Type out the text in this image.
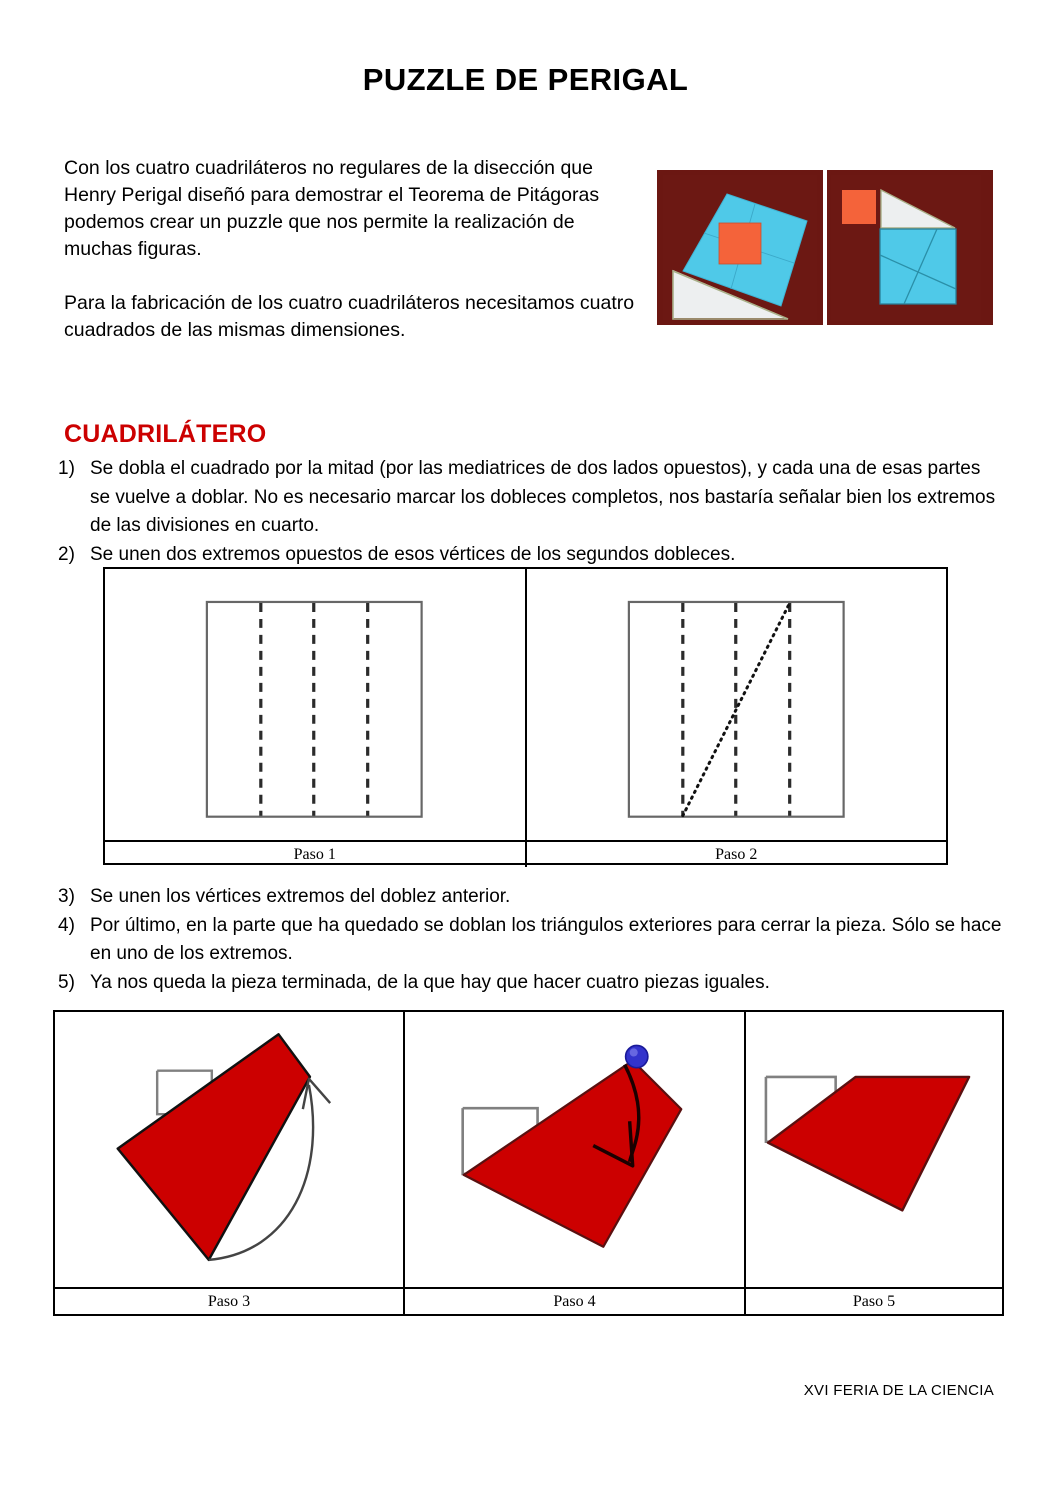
PUZZLE DE PERIGAL

Con los cuatro cuadriláteros no regulares de la disección que Henry Perigal diseñó para demostrar el Teorema de Pitágoras podemos crear un puzzle que nos permite la realización de muchas figuras.

Para la fabricación de los cuatro cuadriláteros necesitamos cuatro cuadrados de las mismas dimensiones.

CUADRILÁTERO
1) Se dobla el cuadrado por la mitad (por las mediatrices de dos lados opuestos), y cada una de esas partes se vuelve a doblar. No es necesario marcar los dobleces completos, nos bastaría señalar bien los extremos de las divisiones en cuarto.
2) Se unen dos extremos opuestos de esos vértices de los segundos dobleces.
Paso 1	Paso 2
3) Se unen los vértices extremos del doblez anterior.
4) Por último, en la parte que ha quedado se doblan los triángulos exteriores para cerrar la pieza. Sólo se hace en uno de los extremos.
5) Ya nos queda la pieza terminada, de la que hay que hacer cuatro piezas iguales.
Paso 3	Paso 4	Paso 5
XVI FERIA DE LA CIENCIA
